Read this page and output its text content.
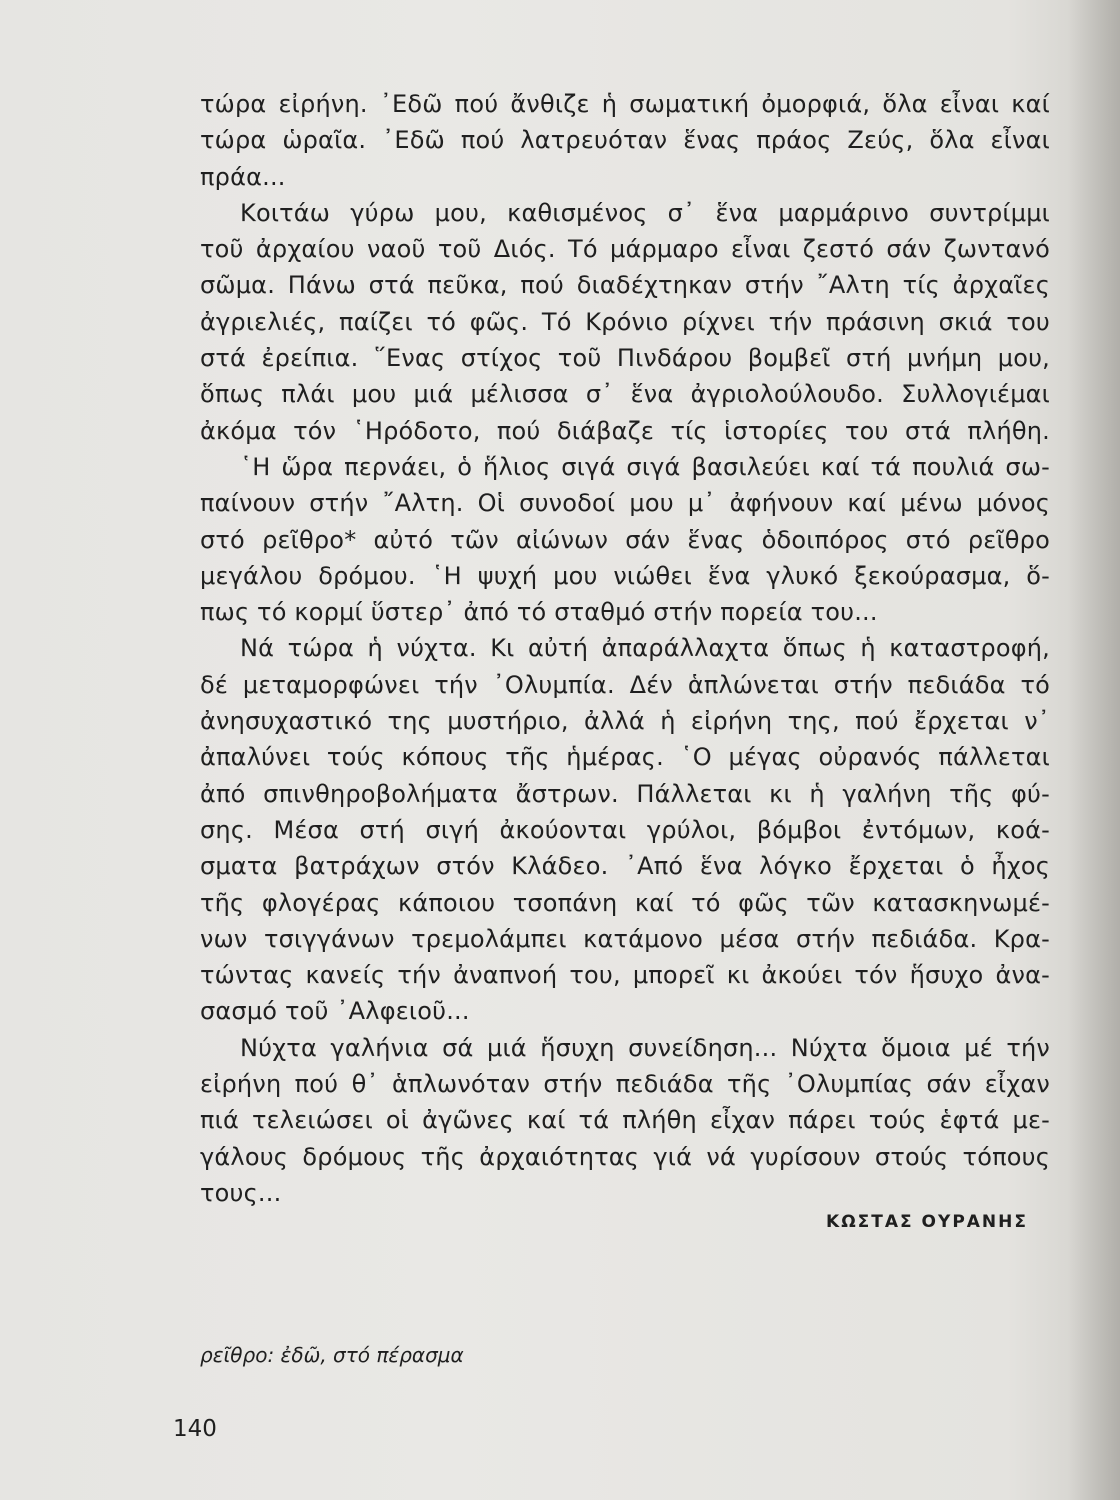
τώρα εἰρήνη. ᾿Εδῶ πού ἄνθιζε ἡ σωματική ὀμορφιά, ὅλα εἶναι καί
τώρα ὡραῖα. ᾿Εδῶ πού λατρευόταν ἕνας πράος Ζεύς, ὅλα εἶναι
πράα...
Κοιτάω γύρω μου, καθισμένος σ᾿ ἕνα μαρμάρινο συντρίμμι
τοῦ ἀρχαίου ναοῦ τοῦ Διός. Τό μάρμαρο εἶναι ζεστό σάν ζωντανό
σῶμα. Πάνω στά πεῦκα, πού διαδέχτηκαν στήν ῎Αλτη τίς ἀρχαῖες
ἀγριελιές, παίζει τό φῶς. Τό Κρόνιο ρίχνει τήν πράσινη σκιά του
στά ἐρείπια. ῞Ενας στίχος τοῦ Πινδάρου βομβεῖ στή μνήμη μου,
ὅπως πλάι μου μιά μέλισσα σ᾿ ἕνα ἀγριολούλουδο. Συλλογιέμαι
ἀκόμα τόν ῾Ηρόδοτο, πού διάβαζε τίς ἱστορίες του στά πλήθη.
῾Η ὥρα περνάει, ὁ ἥλιος σιγά σιγά βασιλεύει καί τά πουλιά σω-
παίνουν στήν ῎Αλτη. Οἱ συνοδοί μου μ᾿ ἀφήνουν καί μένω μόνος
στό ρεῖθρο* αὐτό τῶν αἰώνων σάν ἕνας ὁδοιπόρος στό ρεῖθρο
μεγάλου δρόμου. ῾Η ψυχή μου νιώθει ἕνα γλυκό ξεκούρασμα, ὅ-
πως τό κορμί ὕστερ᾿ ἀπό τό σταθμό στήν πορεία του...
Νά τώρα ἡ νύχτα. Κι αὐτή ἀπαράλλαχτα ὅπως ἡ καταστροφή,
δέ μεταμορφώνει τήν ᾿Ολυμπία. Δέν ἁπλώνεται στήν πεδιάδα τό
ἀνησυχαστικό της μυστήριο, ἀλλά ἡ εἰρήνη της, πού ἔρχεται ν᾿
ἀπαλύνει τούς κόπους τῆς ἡμέρας. ῾Ο μέγας οὐρανός πάλλεται
ἀπό σπινθηροβολήματα ἄστρων. Πάλλεται κι ἡ γαλήνη τῆς φύ-
σης. Μέσα στή σιγή ἀκούονται γρύλοι, βόμβοι ἐντόμων, κοά-
σματα βατράχων στόν Κλάδεο. ᾿Από ἕνα λόγκο ἔρχεται ὁ ἦχος
τῆς φλογέρας κάποιου τσοπάνη καί τό φῶς τῶν κατασκηνωμέ-
νων τσιγγάνων τρεμολάμπει κατάμονο μέσα στήν πεδιάδα. Κρα-
τώντας κανείς τήν ἀναπνοή του, μπορεῖ κι ἀκούει τόν ἥσυχο ἀνα-
σασμό τοῦ ᾿Αλφειοῦ...
Νύχτα γαλήνια σά μιά ἥσυχη συνείδηση... Νύχτα ὅμοια μέ τήν
εἰρήνη πού θ᾿ ἁπλωνόταν στήν πεδιάδα τῆς ᾿Ολυμπίας σάν εἶχαν
πιά τελειώσει οἱ ἀγῶνες καί τά πλήθη εἶχαν πάρει τούς ἑφτά με-
γάλους δρόμους τῆς ἀρχαιότητας γιά νά γυρίσουν στούς τόπους
τους...
ΚΩΣΤΑΣ ΟΥΡΑΝΗΣ
ρεῖθρο: ἐδῶ, στό πέρασμα
140
